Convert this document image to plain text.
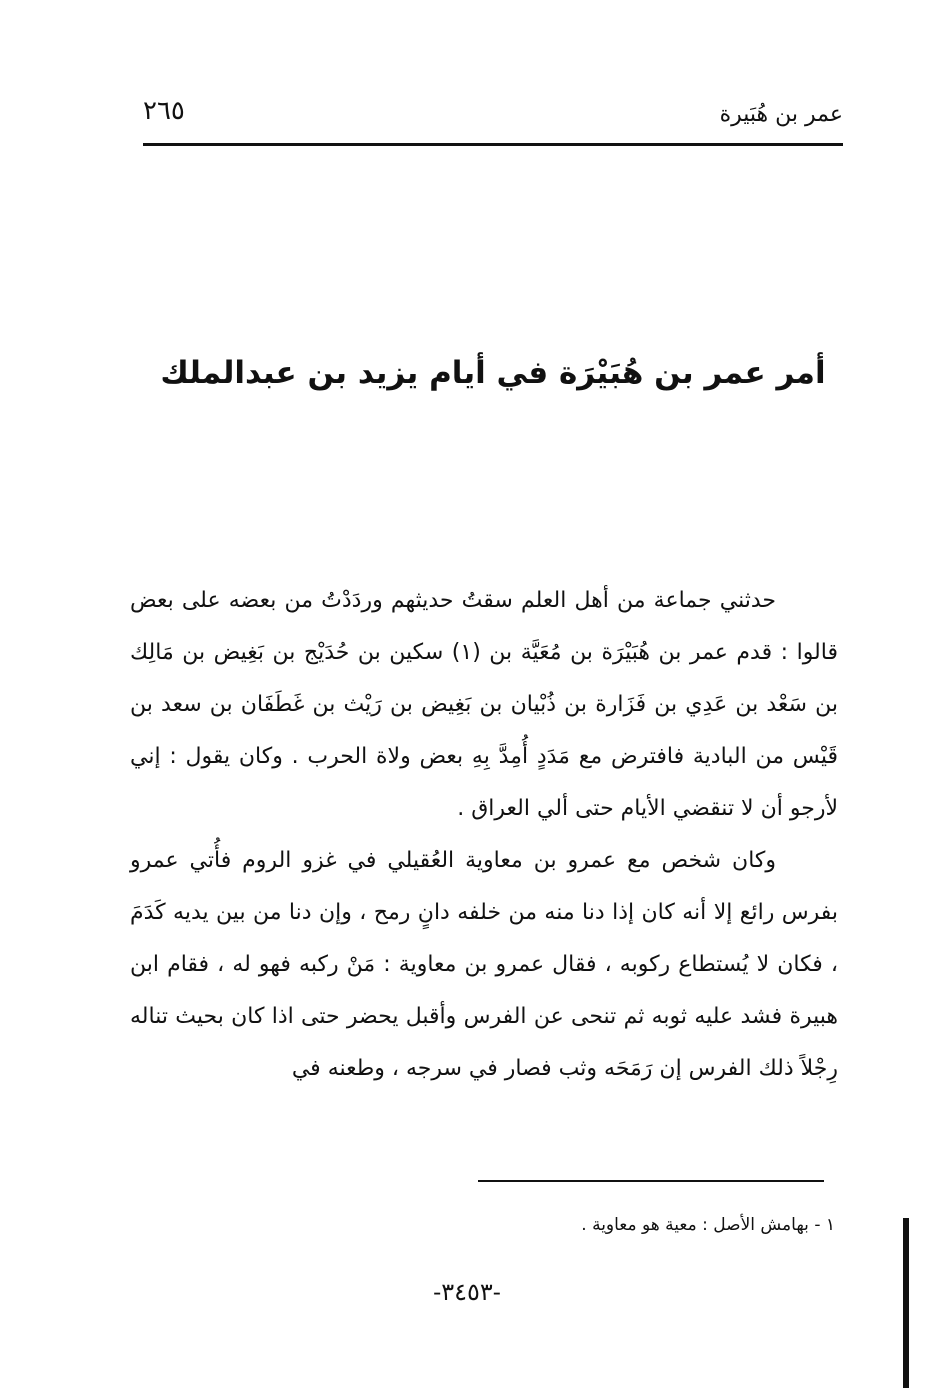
عمر بن هُبَيرة
٢٦٥
أمر عمر بن هُبَيْرَة في أيام يزيد بن عبدالملك

حدثني جماعة من أهل العلم سقتُ حديثهم وردَدْتُ من بعضه على بعض قالوا : قدم عمر بن هُبَيْرَة بن مُعَيَّة بن (١) سكين بن حُدَيْج بن بَغِيض بن مَالِك بن سَعْد بن عَدِي بن فَزَارة بن ذُبْيان بن بَغِيض بن رَيْث بن غَطَفَان بن سعد بن قَيْس من البادية فافترض مع مَدَدٍ أُمِدَّ بِهِ بعض ولاة الحرب . وكان يقول : إني لأرجو أن لا تنقضي الأيام حتى ألي العراق .

وكان شخص مع عمرو بن معاوية العُقيلي في غزو الروم فأُتي عمرو بفرس رائع إلا أنه كان إذا دنا منه من خلفه دانٍ رمح ، وإن دنا من بين يديه كَدَمَ ، فكان لا يُستطاع ركوبه ، فقال عمرو بن معاوية : مَنْ ركبه فهو له ، فقام ابن هبيرة فشد عليه ثوبه ثم تنحى عن الفرس وأقبل يحضر حتى اذا كان بحيث تناله رِجْلاً ذلك الفرس إن رَمَحَه وثب فصار في سرجه ، وطعنه في

١ - بهامش الأصل : معية هو معاوية .
-٣٤٥٣-
